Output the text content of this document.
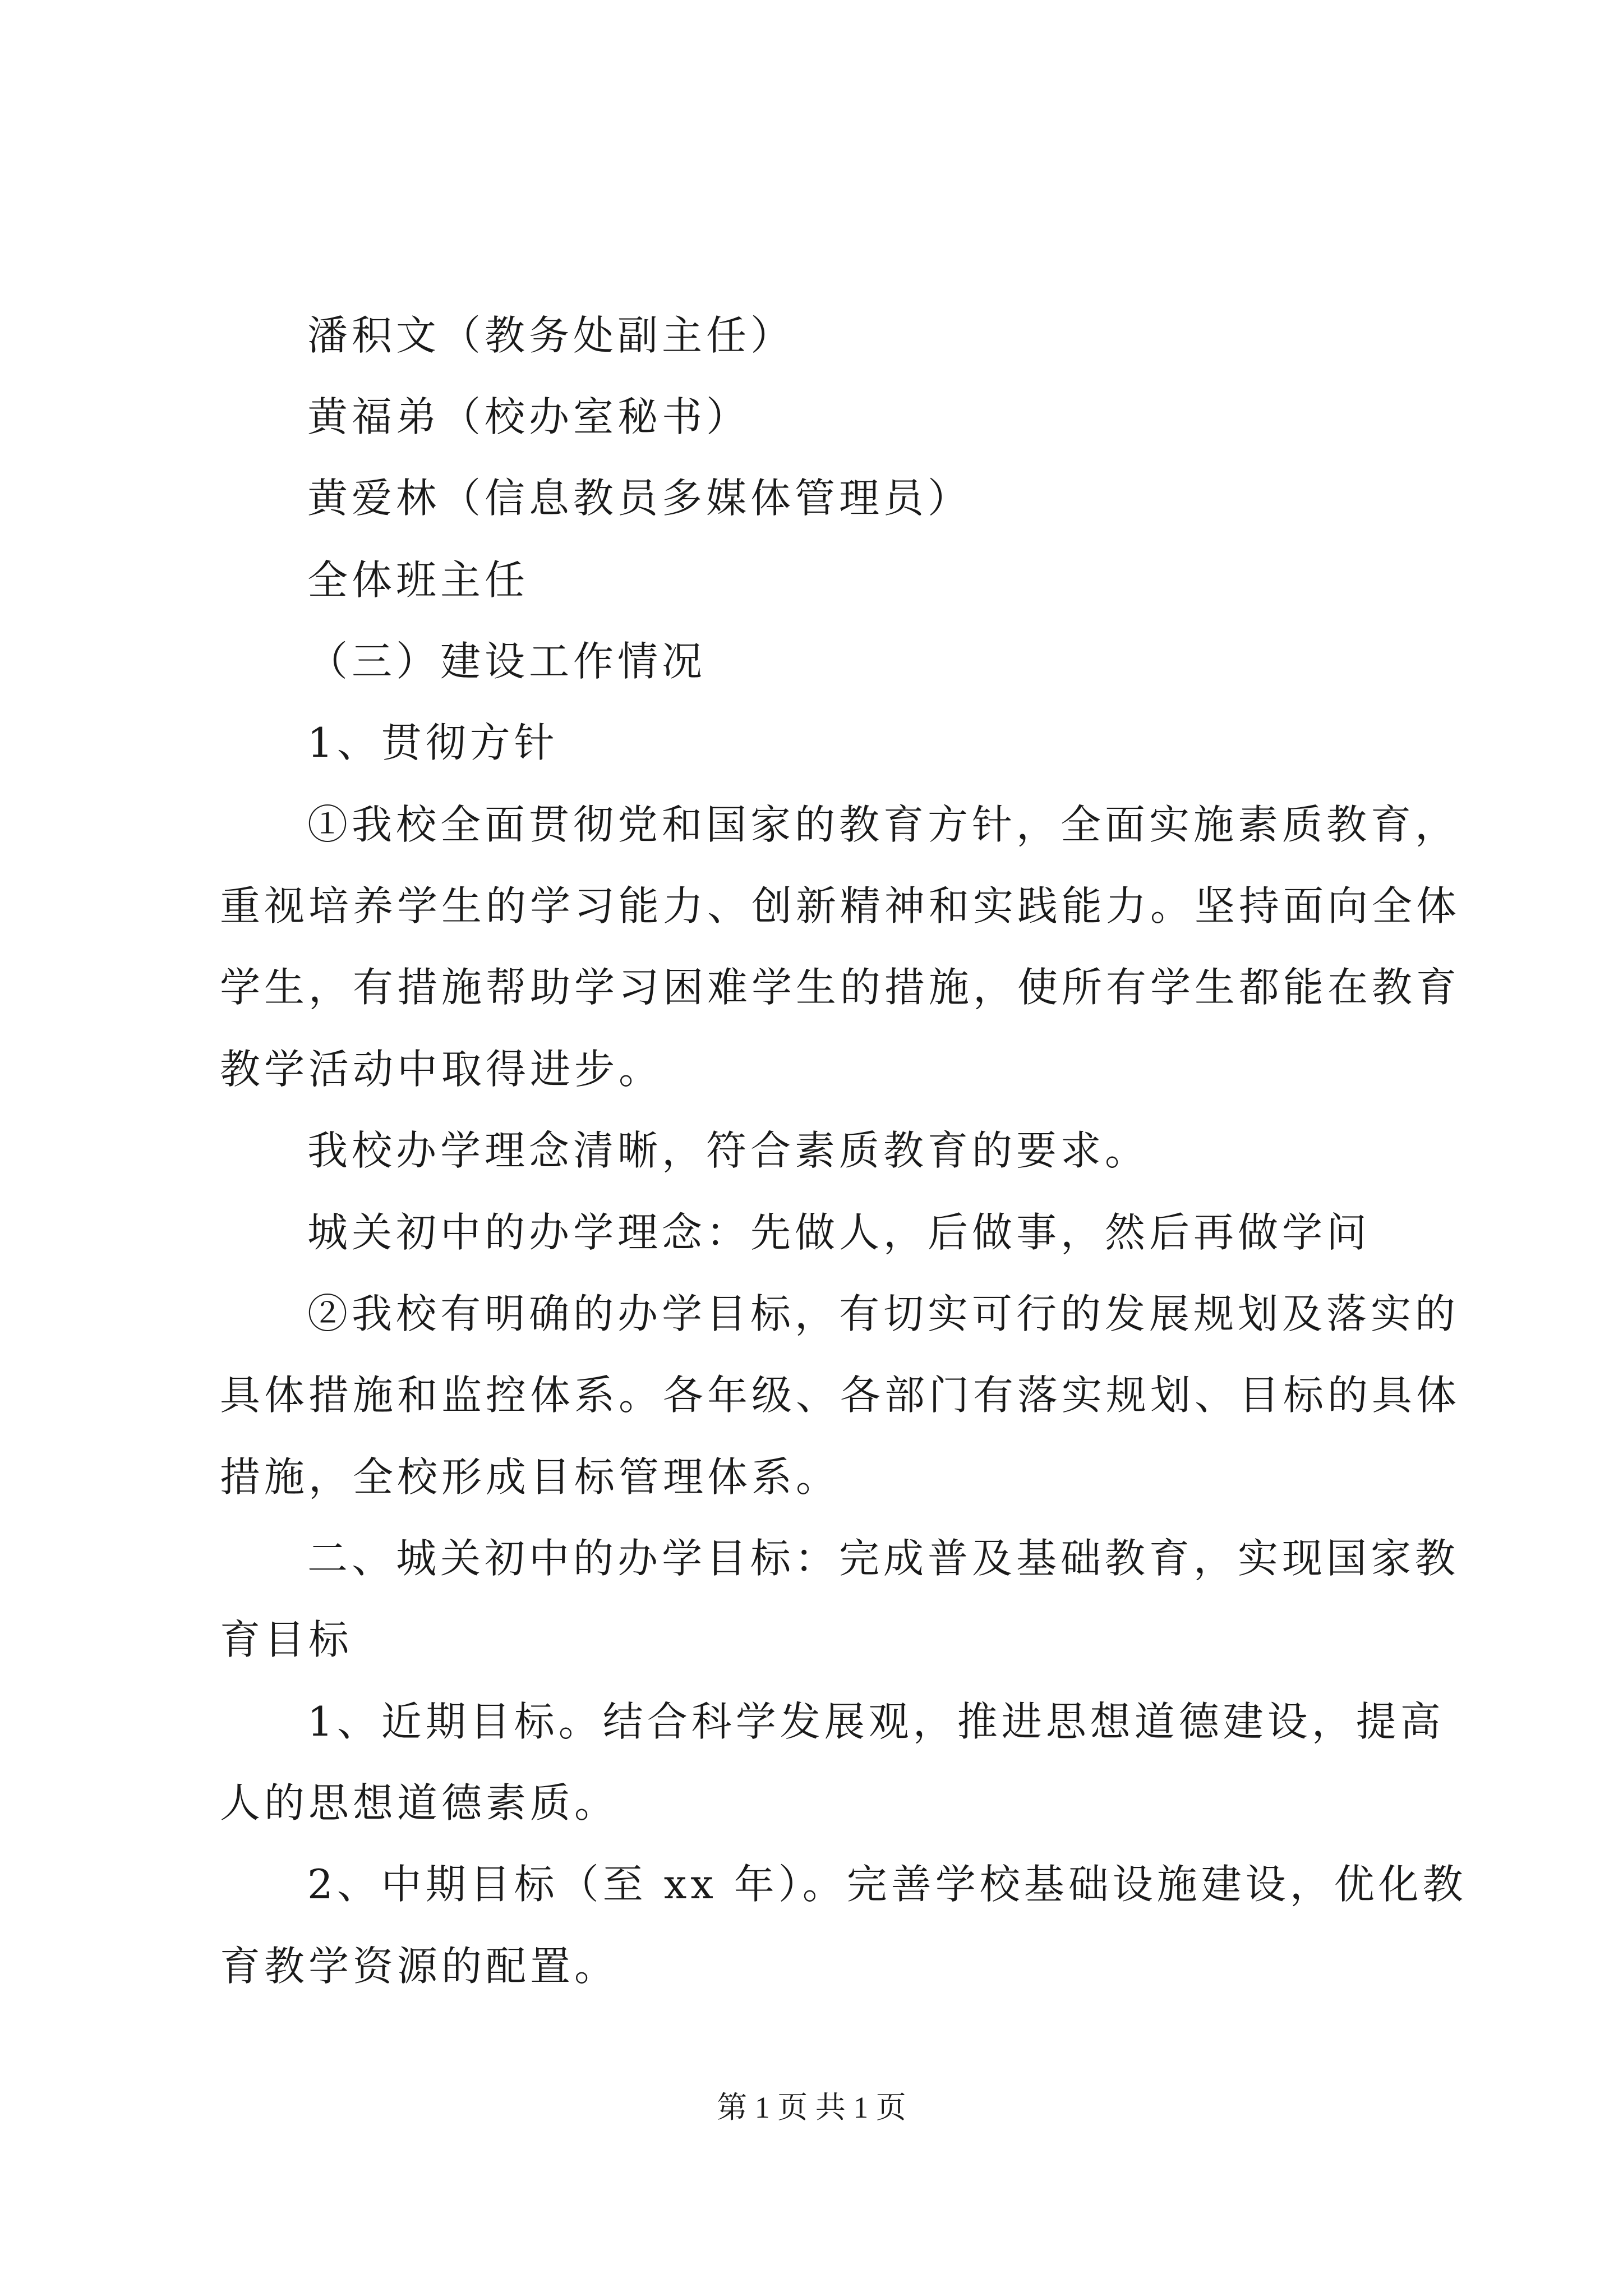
潘积文（教务处副主任）
黄福弟（校办室秘书）
黄爱林（信息教员多媒体管理员）
全体班主任
（三）建设工作情况
1、贯彻方针
①我校全面贯彻党和国家的教育方针，全面实施素质教育，
重视培养学生的学习能力、创新精神和实践能力。坚持面向全体
学生，有措施帮助学习困难学生的措施，使所有学生都能在教育
教学活动中取得进步。
我校办学理念清晰，符合素质教育的要求。
城关初中的办学理念：先做人，后做事，然后再做学问
②我校有明确的办学目标，有切实可行的发展规划及落实的
具体措施和监控体系。各年级、各部门有落实规划、目标的具体
措施，全校形成目标管理体系。
二、城关初中的办学目标：完成普及基础教育，实现国家教
育目标
1、近期目标。结合科学发展观，推进思想道德建设，提高
人的思想道德素质。
2、中期目标（至 xx 年）。完善学校基础设施建设，优化教
育教学资源的配置。
第 1 页 共 1 页
